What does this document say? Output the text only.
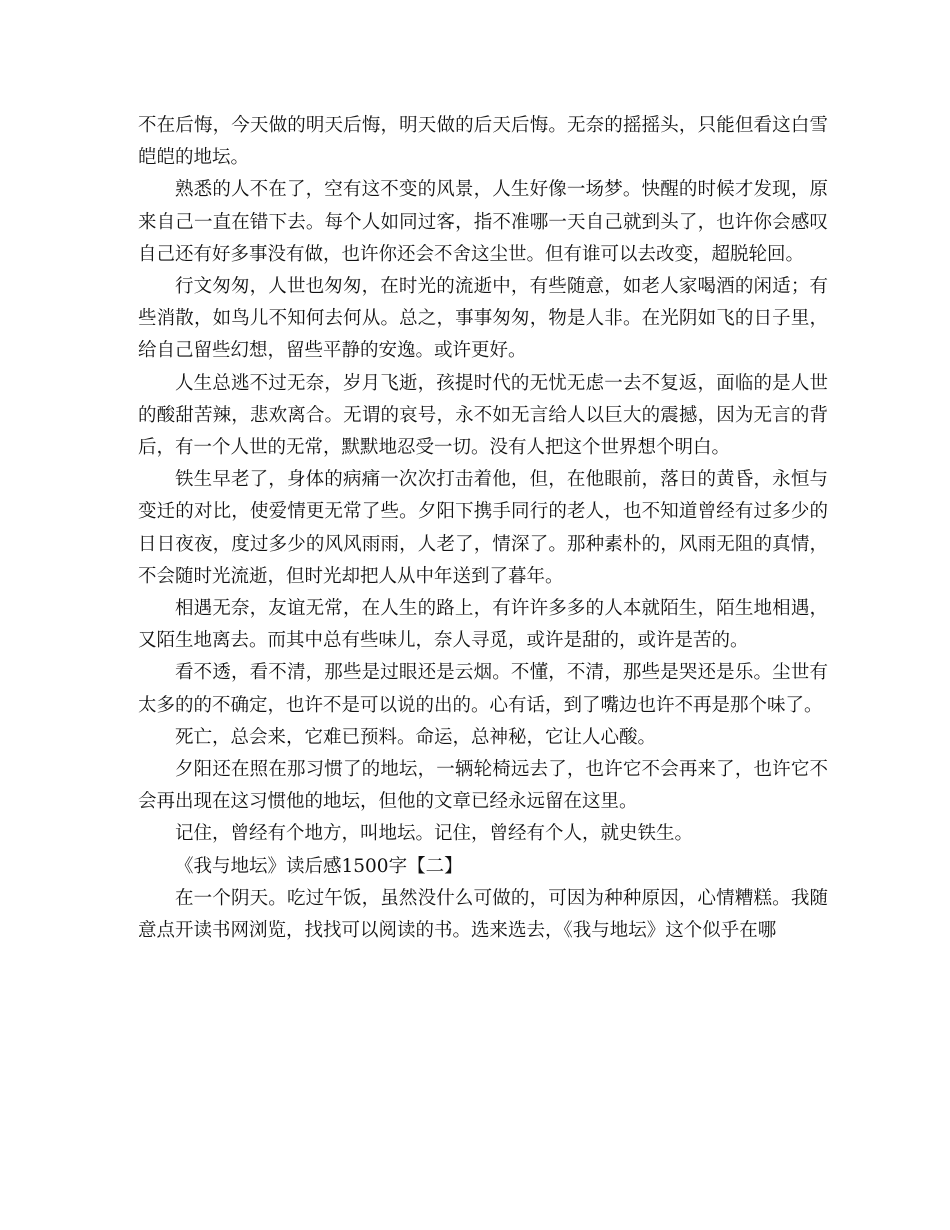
不在后悔，今天做的明天后悔，明天做的后天后悔。无奈的摇摇头，只能但看这白雪皑皑的地坛。

熟悉的人不在了，空有这不变的风景，人生好像一场梦。快醒的时候才发现，原来自己一直在错下去。每个人如同过客，指不准哪一天自己就到头了，也许你会感叹自己还有好多事没有做，也许你还会不舍这尘世。但有谁可以去改变，超脱轮回。

行文匆匆，人世也匆匆，在时光的流逝中，有些随意，如老人家喝酒的闲适；有些消散，如鸟儿不知何去何从。总之，事事匆匆，物是人非。在光阴如飞的日子里，给自己留些幻想，留些平静的安逸。或许更好。

人生总逃不过无奈，岁月飞逝，孩提时代的无忧无虑一去不复返，面临的是人世的酸甜苦辣，悲欢离合。无谓的哀号，永不如无言给人以巨大的震撼，因为无言的背后，有一个人世的无常，默默地忍受一切。没有人把这个世界想个明白。

铁生早老了，身体的病痛一次次打击着他，但，在他眼前，落日的黄昏，永恒与变迁的对比，使爱情更无常了些。夕阳下携手同行的老人，也不知道曾经有过多少的日日夜夜，度过多少的风风雨雨，人老了，情深了。那种素朴的，风雨无阻的真情，不会随时光流逝，但时光却把人从中年送到了暮年。

相遇无奈，友谊无常，在人生的路上，有许许多多的人本就陌生，陌生地相遇，又陌生地离去。而其中总有些味儿，奈人寻觅，或许是甜的，或许是苦的。

看不透，看不清，那些是过眼还是云烟。不懂，不清，那些是哭还是乐。尘世有太多的的不确定，也许不是可以说的出的。心有话，到了嘴边也许不再是那个味了。

死亡，总会来，它难已预料。命运，总神秘，它让人心酸。

夕阳还在照在那习惯了的地坛，一辆轮椅远去了，也许它不会再来了，也许它不会再出现在这习惯他的地坛，但他的文章已经永远留在这里。

记住，曾经有个地方，叫地坛。记住，曾经有个人，就史铁生。

《我与地坛》读后感1500字【二】

在一个阴天。吃过午饭，虽然没什么可做的，可因为种种原因，心情糟糕。我随意点开读书网浏览，找找可以阅读的书。选来选去，《我与地坛》这个似乎在哪
